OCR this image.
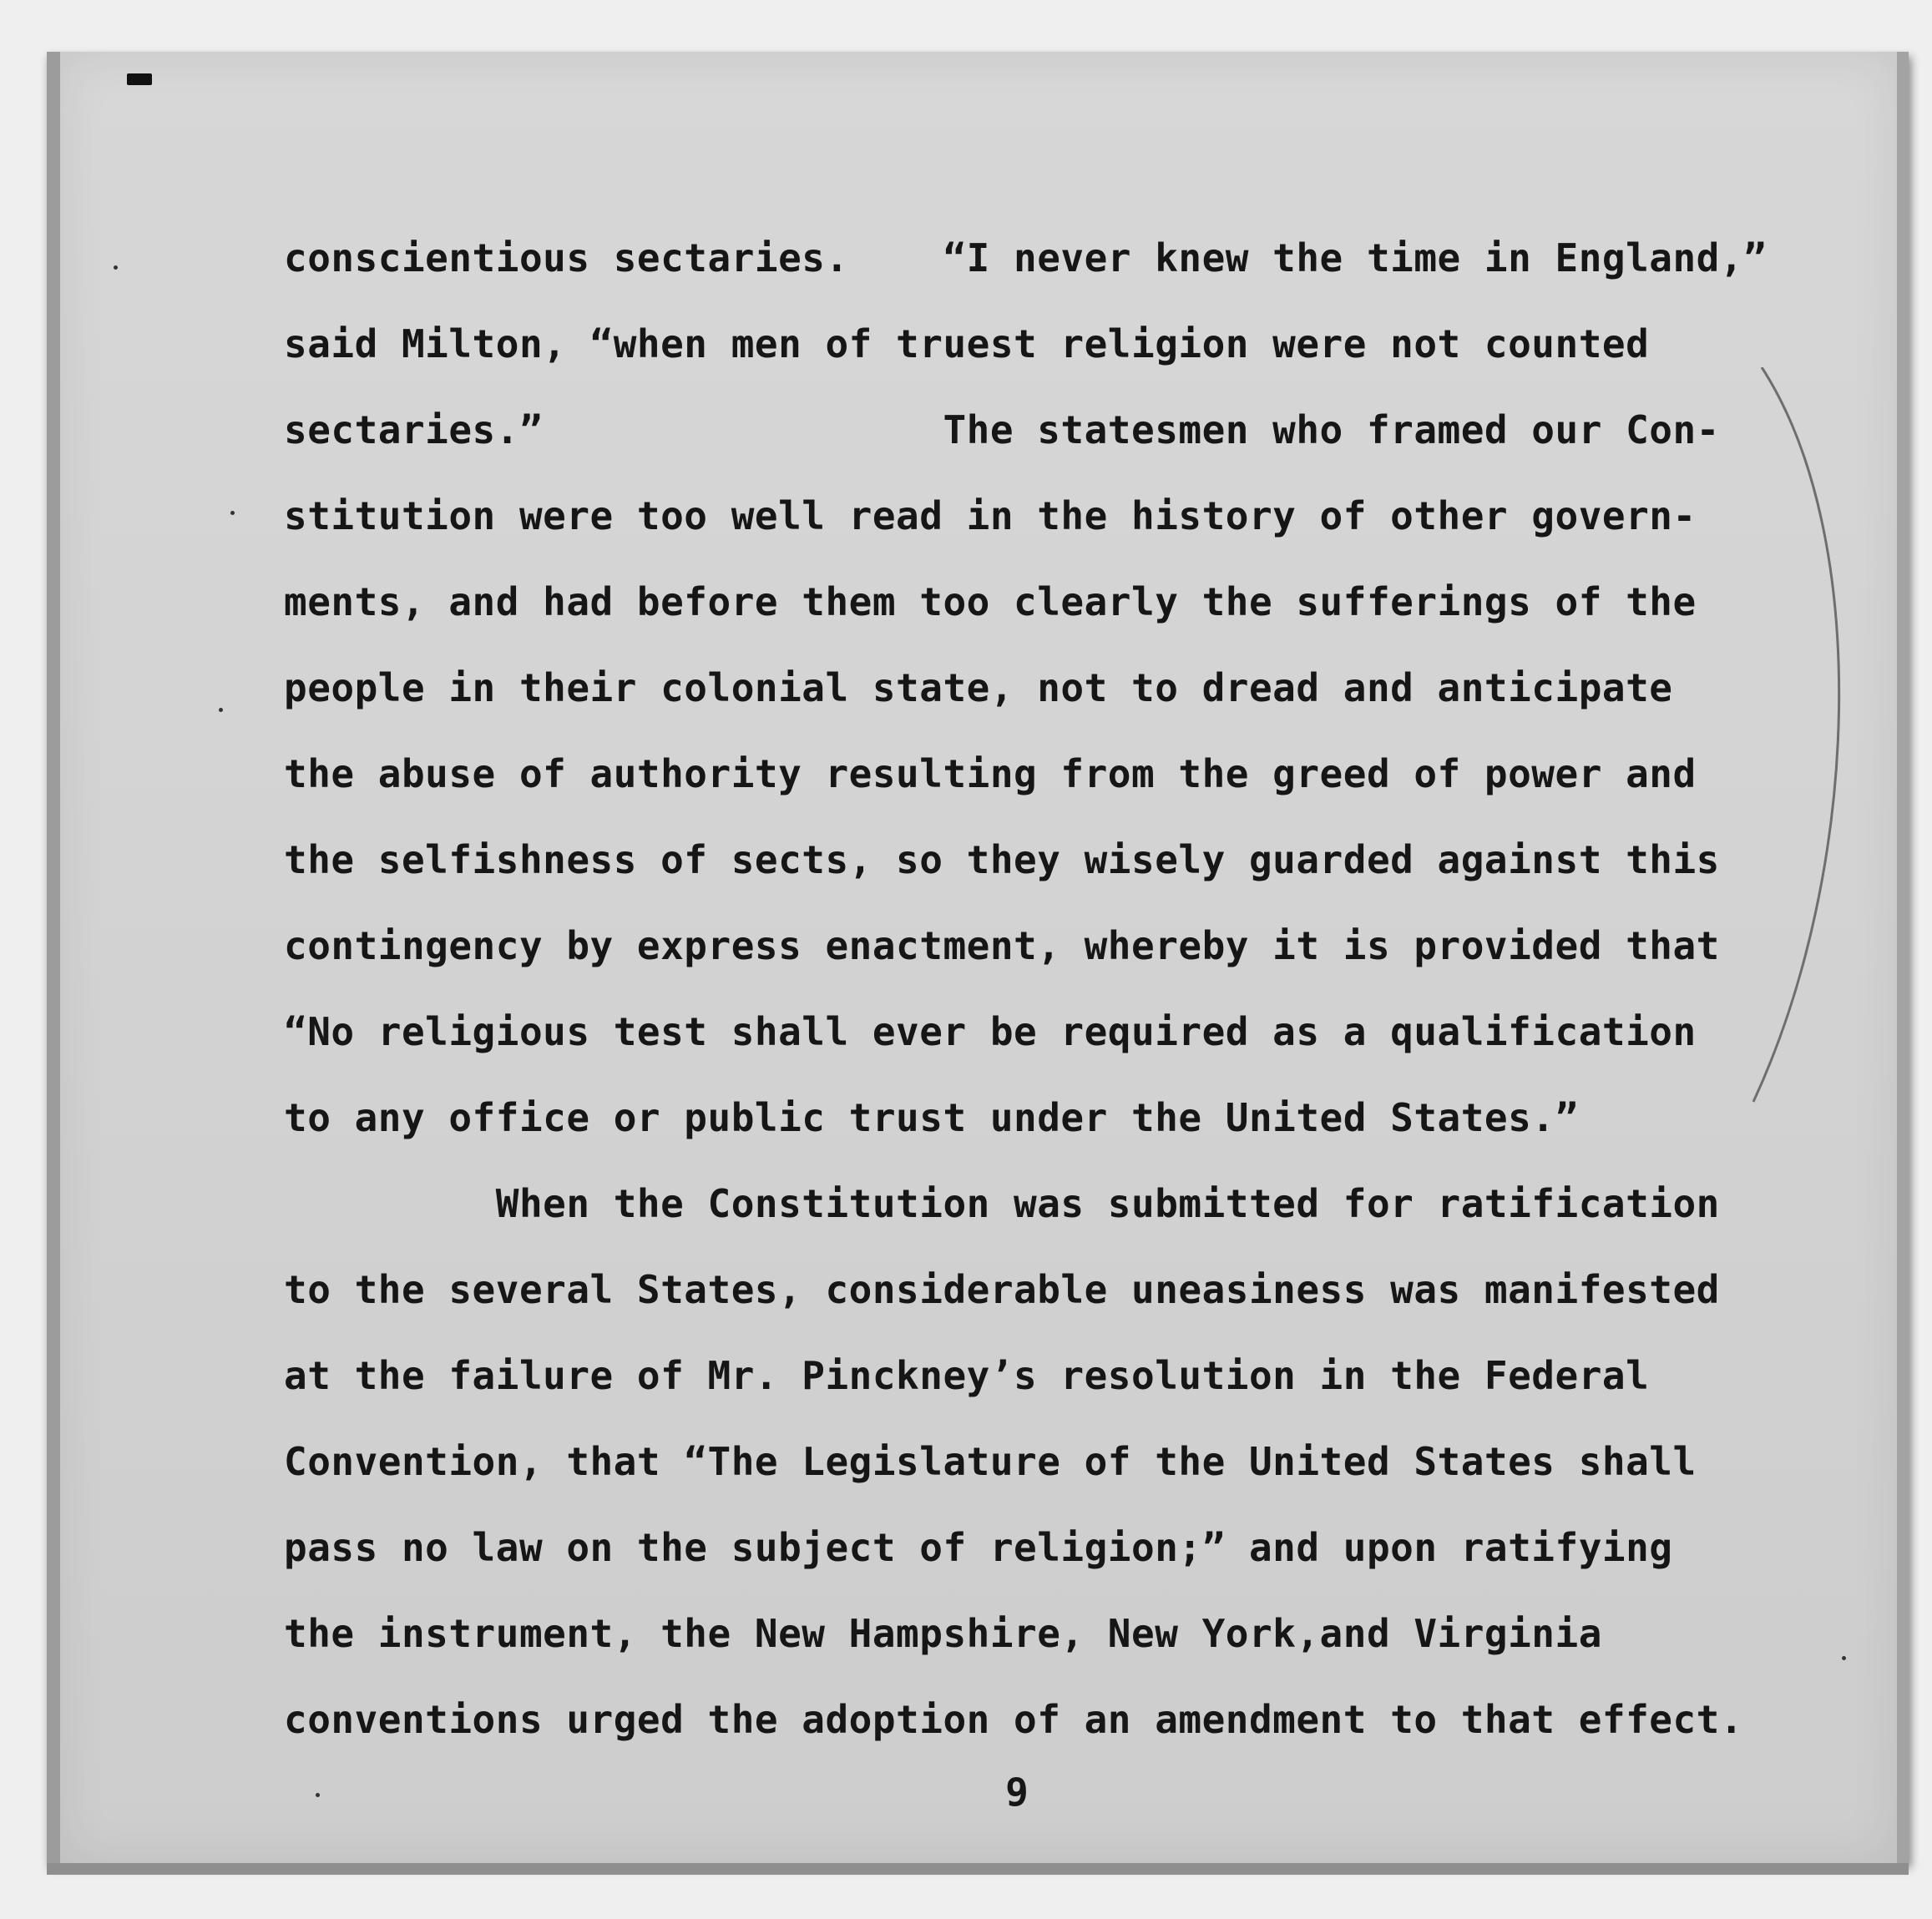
conscientious sectaries.    “I never knew the time in England,”
said Milton, “when men of truest religion were not counted
sectaries.”                 The statesmen who framed our Con-
stitution were too well read in the history of other govern-
ments, and had before them too clearly the sufferings of the
people in their colonial state, not to dread and anticipate
the abuse of authority resulting from the greed of power and
the selfishness of sects, so they wisely guarded against this
contingency by express enactment, whereby it is provided that
“No religious test shall ever be required as a qualification
to any office or public trust under the United States.”
When the Constitution was submitted for ratification
to the several States, considerable uneasiness was manifested
at the failure of Mr. Pinckney’s resolution in the Federal
Convention, that “The Legislature of the United States shall
pass no law on the subject of religion;” and upon ratifying
the instrument, the New Hampshire, New York,and Virginia
conventions urged the adoption of an amendment to that effect.
9
